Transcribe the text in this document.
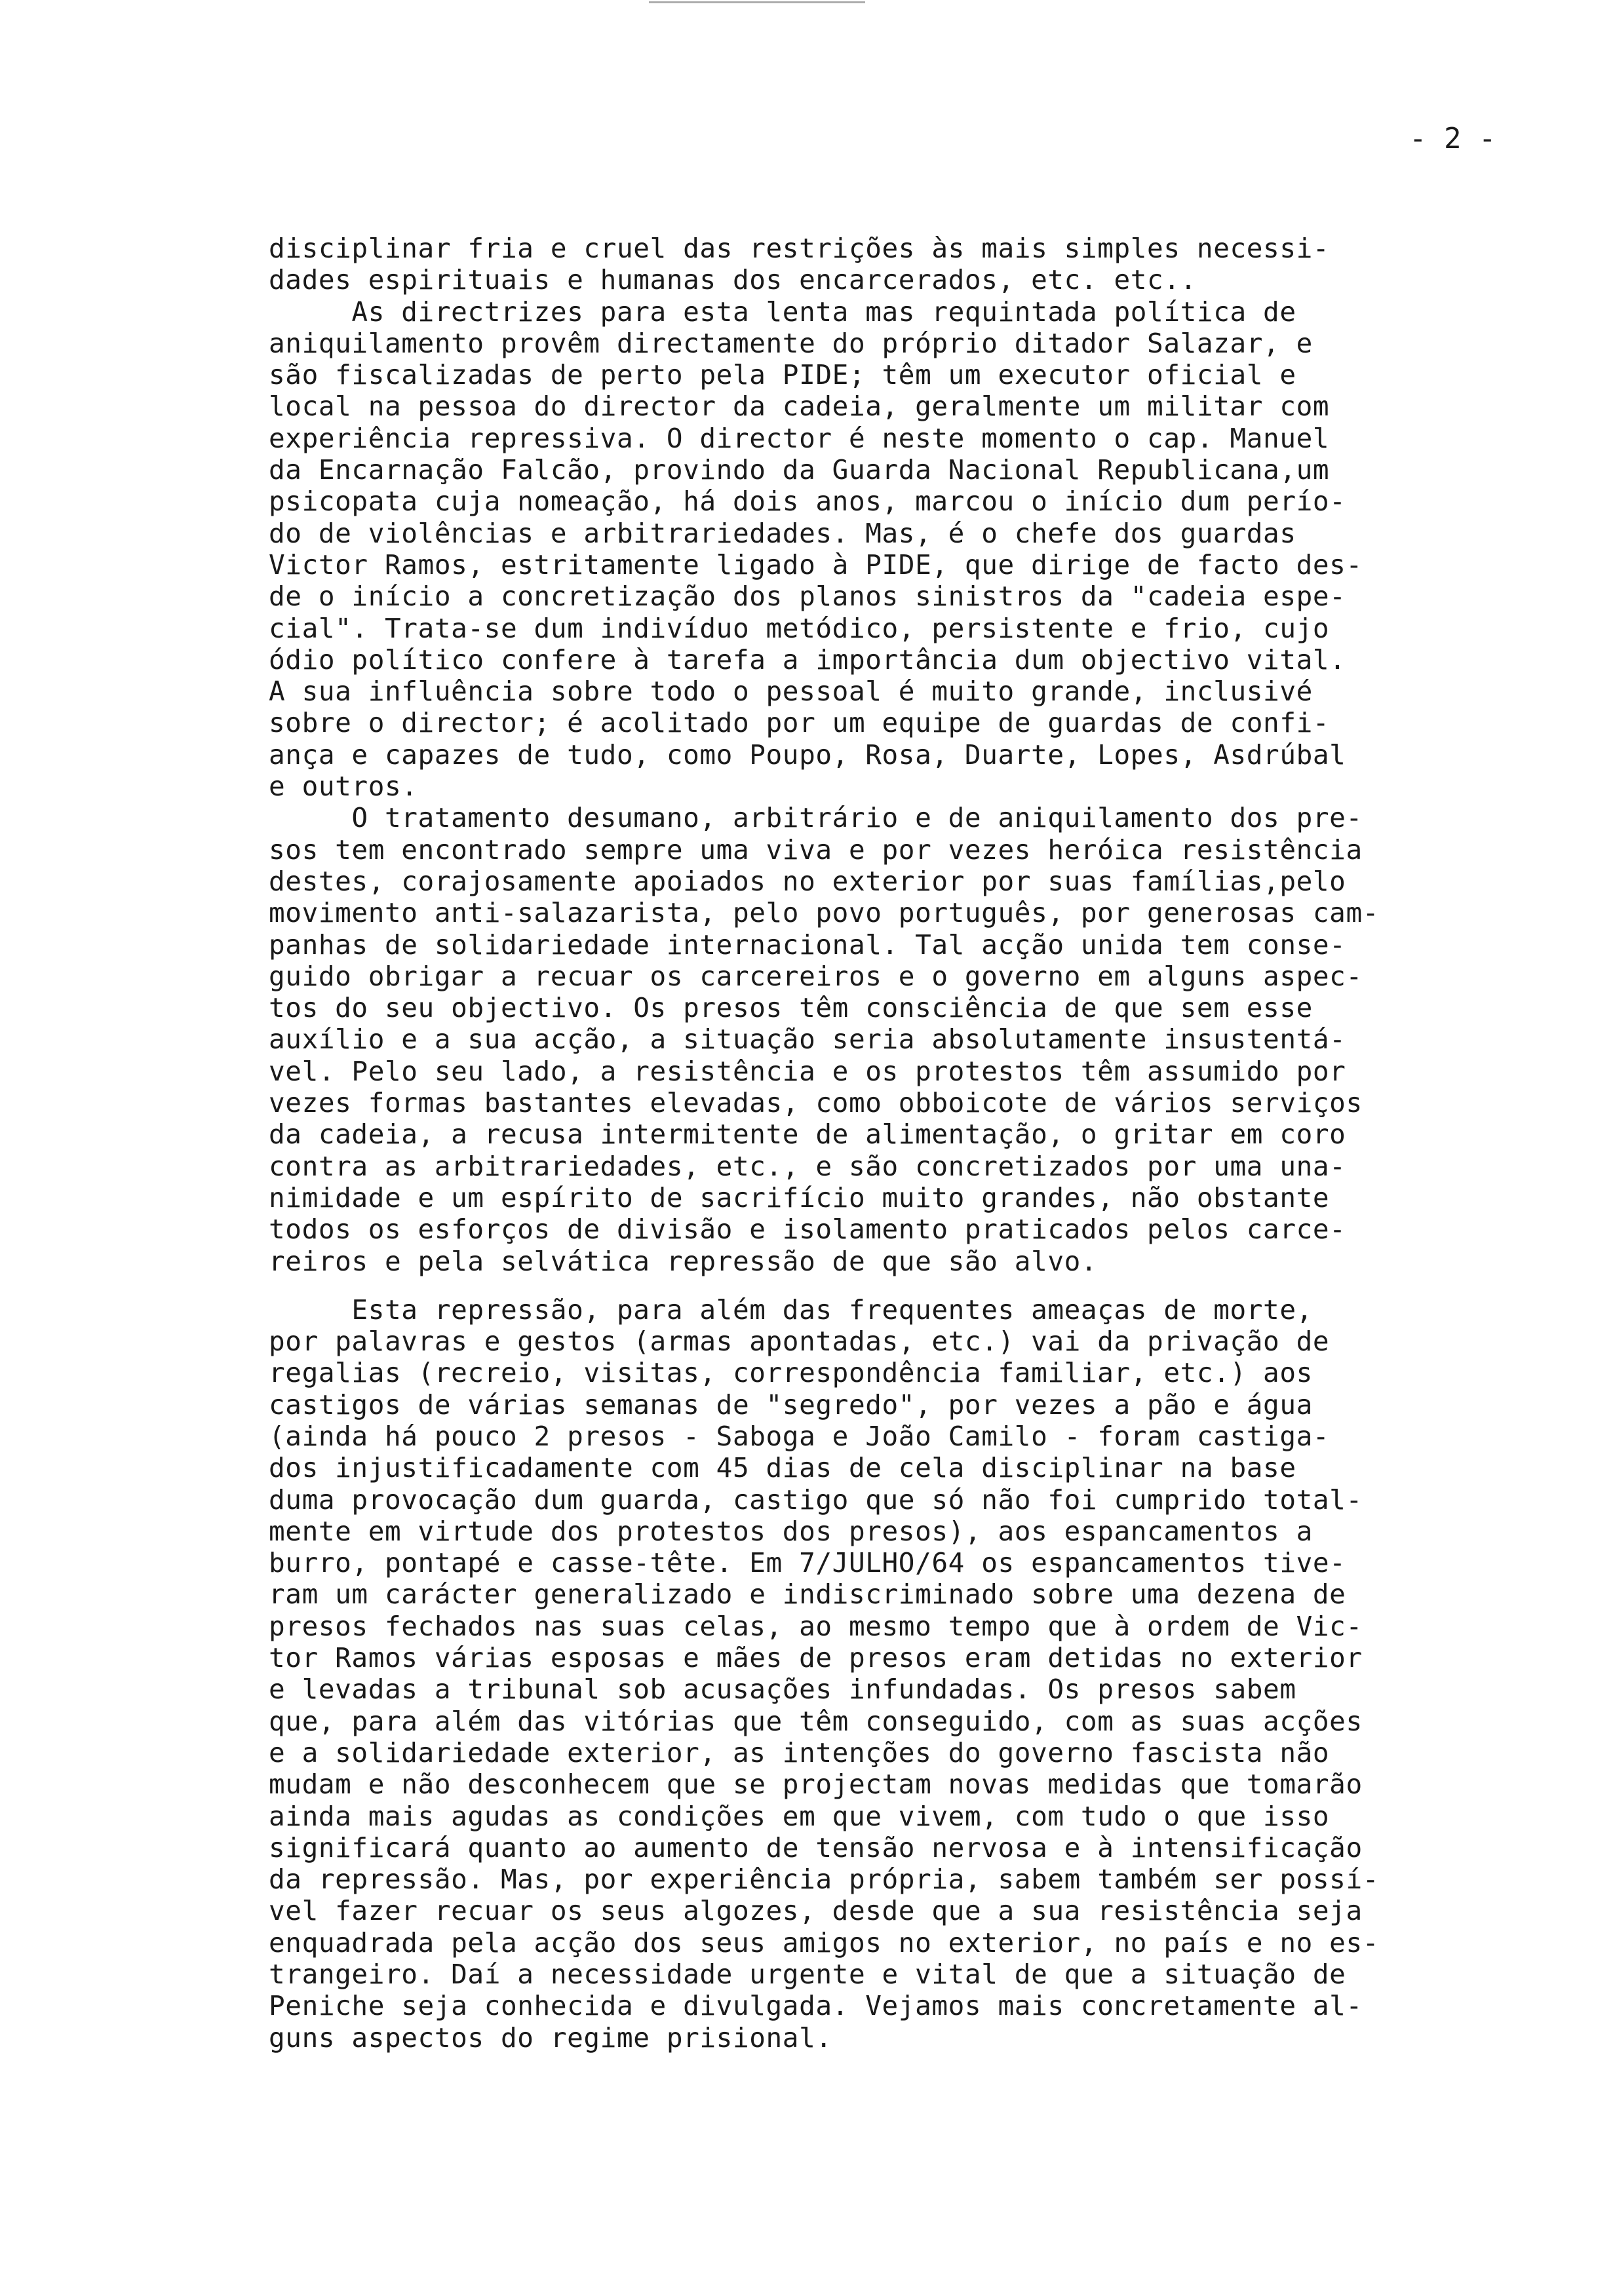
- 2 -

disciplinar fria e cruel das restrições às mais simples necessi-
dades espirituais e humanas dos encarcerados, etc. etc..

As directrizes para esta lenta mas requintada política de
aniquilamento provêm directamente do próprio ditador Salazar, e
são fiscalizadas de perto pela PIDE; têm um executor oficial e
local na pessoa do director da cadeia, geralmente um militar com
experiência repressiva. O director é neste momento o cap. Manuel
da Encarnação Falcão, provindo da Guarda Nacional Republicana,um
psicopata cuja nomeação, há dois anos, marcou o início dum perío-
do de violências e arbitrariedades. Mas, é o chefe dos guardas
Victor Ramos, estritamente ligado à PIDE, que dirige de facto des-
de o início a concretização dos planos sinistros da "cadeia espe-
cial". Trata-se dum indivíduo metódico, persistente e frio, cujo
ódio político confere à tarefa a importância dum objectivo vital.
A sua influência sobre todo o pessoal é muito grande, inclusivé
sobre o director; é acolitado por um equipe de guardas de confi-
ança e capazes de tudo, como Poupo, Rosa, Duarte, Lopes, Asdrúbal
e outros.

O tratamento desumano, arbitrário e de aniquilamento dos pre-
sos tem encontrado sempre uma viva e por vezes heróica resistência
destes, corajosamente apoiados no exterior por suas famílias,pelo
movimento anti-salazarista, pelo povo português, por generosas cam-
panhas de solidariedade internacional. Tal acção unida tem conse-
guido obrigar a recuar os carcereiros e o governo em alguns aspec-
tos do seu objectivo. Os presos têm consciência de que sem esse
auxílio e a sua acção, a situação seria absolutamente insustentá-
vel. Pelo seu lado, a resistência e os protestos têm assumido por
vezes formas bastantes elevadas, como obboicote de vários serviços
da cadeia, a recusa intermitente de alimentação, o gritar em coro
contra as arbitrariedades, etc., e são concretizados por uma una-
nimidade e um espírito de sacrifício muito grandes, não obstante
todos os esforços de divisão e isolamento praticados pelos carce-
reiros e pela selvática repressão de que são alvo.

Esta repressão, para além das frequentes ameaças de morte,
por palavras e gestos (armas apontadas, etc.) vai da privação de
regalias (recreio, visitas, correspondência familiar, etc.) aos
castigos de várias semanas de "segredo", por vezes a pão e água
(ainda há pouco 2 presos - Saboga e João Camilo - foram castiga-
dos injustificadamente com 45 dias de cela disciplinar na base
duma provocação dum guarda, castigo que só não foi cumprido total-
mente em virtude dos protestos dos presos), aos espancamentos a
burro, pontapé e casse-tête. Em 7/JULHO/64 os espancamentos tive-
ram um carácter generalizado e indiscriminado sobre uma dezena de
presos fechados nas suas celas, ao mesmo tempo que à ordem de Vic-
tor Ramos várias esposas e mães de presos eram detidas no exterior
e levadas a tribunal sob acusações infundadas. Os presos sabem
que, para além das vitórias que têm conseguido, com as suas acções
e a solidariedade exterior, as intenções do governo fascista não
mudam e não desconhecem que se projectam novas medidas que tomarão
ainda mais agudas as condições em que vivem, com tudo o que isso
significará quanto ao aumento de tensão nervosa e à intensificação
da repressão. Mas, por experiência própria, sabem também ser possí-
vel fazer recuar os seus algozes, desde que a sua resistência seja
enquadrada pela acção dos seus amigos no exterior, no país e no es-
trangeiro. Daí a necessidade urgente e vital de que a situação de
Peniche seja conhecida e divulgada. Vejamos mais concretamente al-
guns aspectos do regime prisional.
